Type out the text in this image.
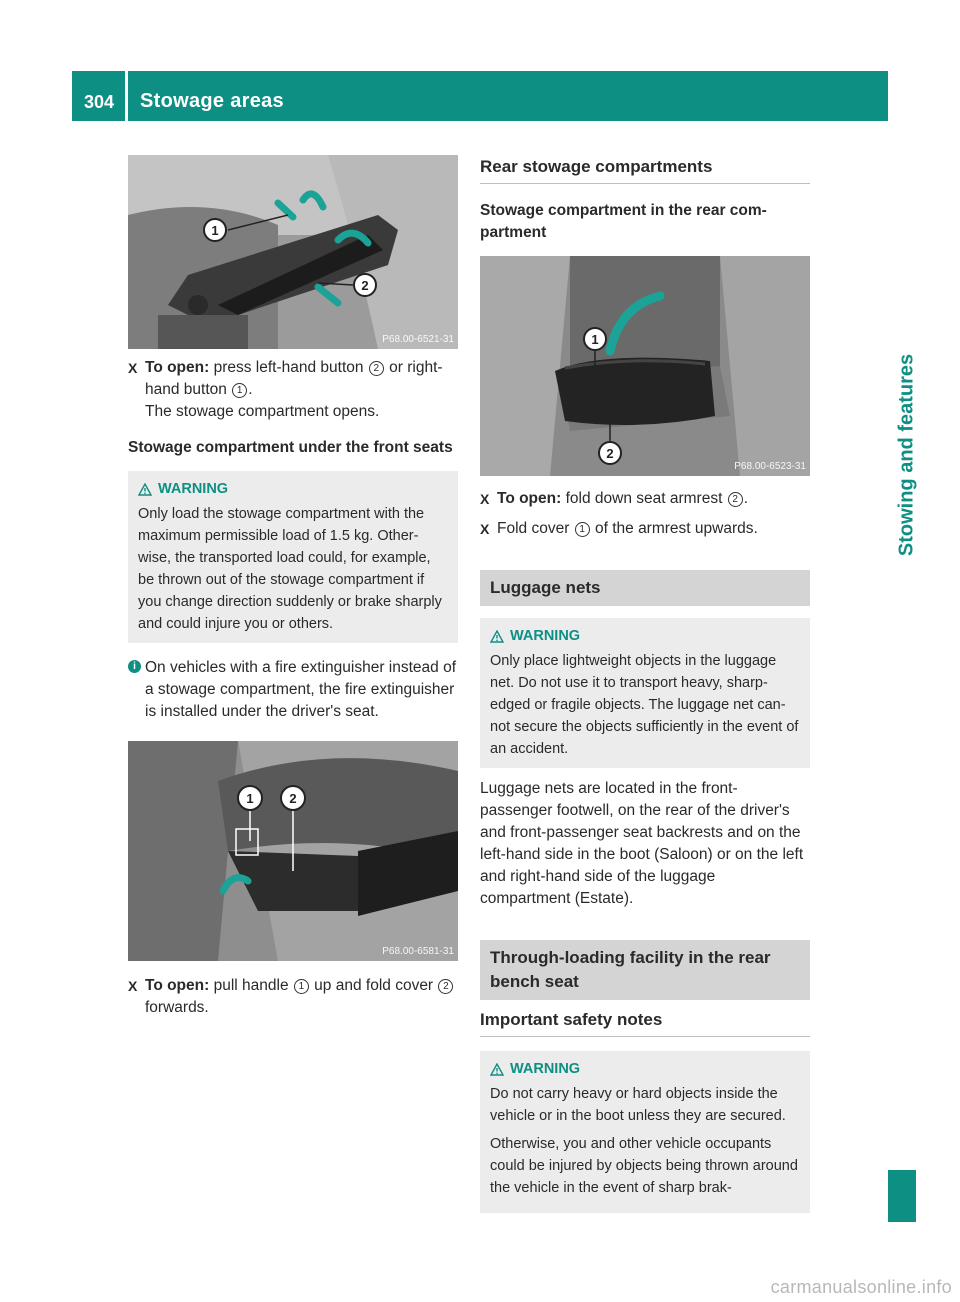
304 Stowage areas
Stowing and features
1
2
P68.00-6521-31
X To open: press left-hand button 2 or right-hand button 1 .
The stowage compartment opens.
Stowage compartment under the front seats
WARNING
Only load the stowage compartment with the maximum permissible load of 1.5 kg. Other- wise, the transported load could, for example, be thrown out of the stowage compartment if you change direction suddenly or brake sharply and could injure you or others.
i On vehicles with a fire extinguisher instead of a stowage compartment, the fire extinguisher is installed under the driver's seat.
1	2
P68.00-6581-31
X To open: pull handle 1 up and fold cover 2 forwards.
Rear stowage compartments
Stowage compartment in the rear com- partment
1
2
P68.00-6523-31
X To open: fold down seat armrest 2 .
X Fold cover 1 of the armrest upwards.
Luggage nets
WARNING
Only place lightweight objects in the luggage net. Do not use it to transport heavy, sharp- edged or fragile objects. The luggage net can- not secure the objects sufficiently in the event of an accident.
Luggage nets are located in the front- passenger footwell, on the rear of the driver's and front-passenger seat backrests and on the left-hand side in the boot (Saloon) or on the left and right-hand side of the luggage compartment (Estate).
Through-loading facility in the rear bench seat
Important safety notes
WARNING

Do not carry heavy or hard objects inside the vehicle or in the boot unless they are secured.

Otherwise, you and other vehicle occupants could be injured by objects being thrown around the vehicle in the event of sharp brak-

carmanualsonline.info
